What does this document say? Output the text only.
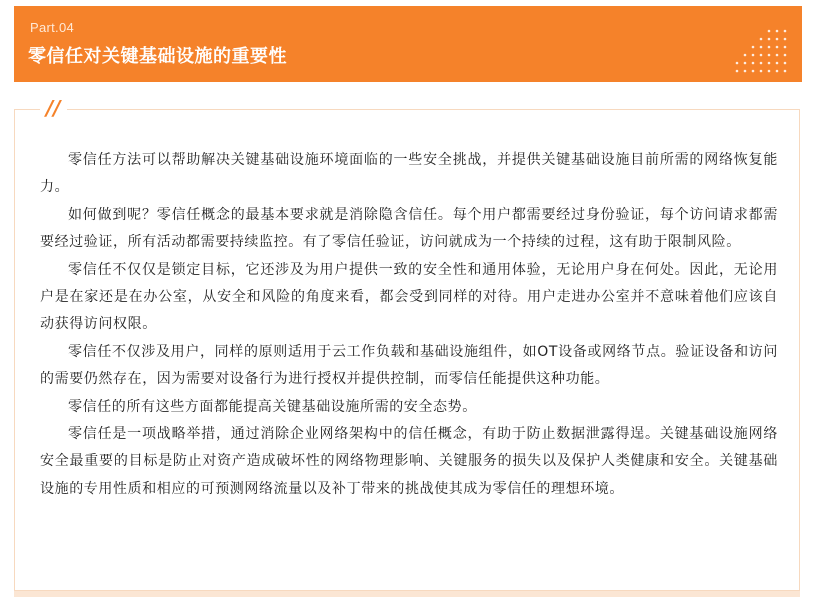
Part.04
零信任对关键基础设施的重要性
//

零信任方法可以帮助解决关键基础设施环境面临的一些安全挑战，并提供关键基础设施目前所需的网络恢复能力。

如何做到呢？零信任概念的最基本要求就是消除隐含信任。每个用户都需要经过身份验证，每个访问请求都需要经过验证，所有活动都需要持续监控。有了零信任验证，访问就成为一个持续的过程，这有助于限制风险。

零信任不仅仅是锁定目标，它还涉及为用户提供一致的安全性和通用体验，无论用户身在何处。因此，无论用户是在家还是在办公室，从安全和风险的角度来看，都会受到同样的对待。用户走进办公室并不意味着他们应该自动获得访问权限。

零信任不仅涉及用户，同样的原则适用于云工作负载和基础设施组件，如OT设备或网络节点。验证设备和访问的需要仍然存在，因为需要对设备行为进行授权并提供控制，而零信任能提供这种功能。

零信任的所有这些方面都能提高关键基础设施所需的安全态势。

零信任是一项战略举措，通过消除企业网络架构中的信任概念，有助于防止数据泄露得逞。关键基础设施网络安全最重要的目标是防止对资产造成破坏性的网络物理影响、关键服务的损失以及保护人类健康和安全。关键基础设施的专用性质和相应的可预测网络流量以及补丁带来的挑战使其成为零信任的理想环境。
